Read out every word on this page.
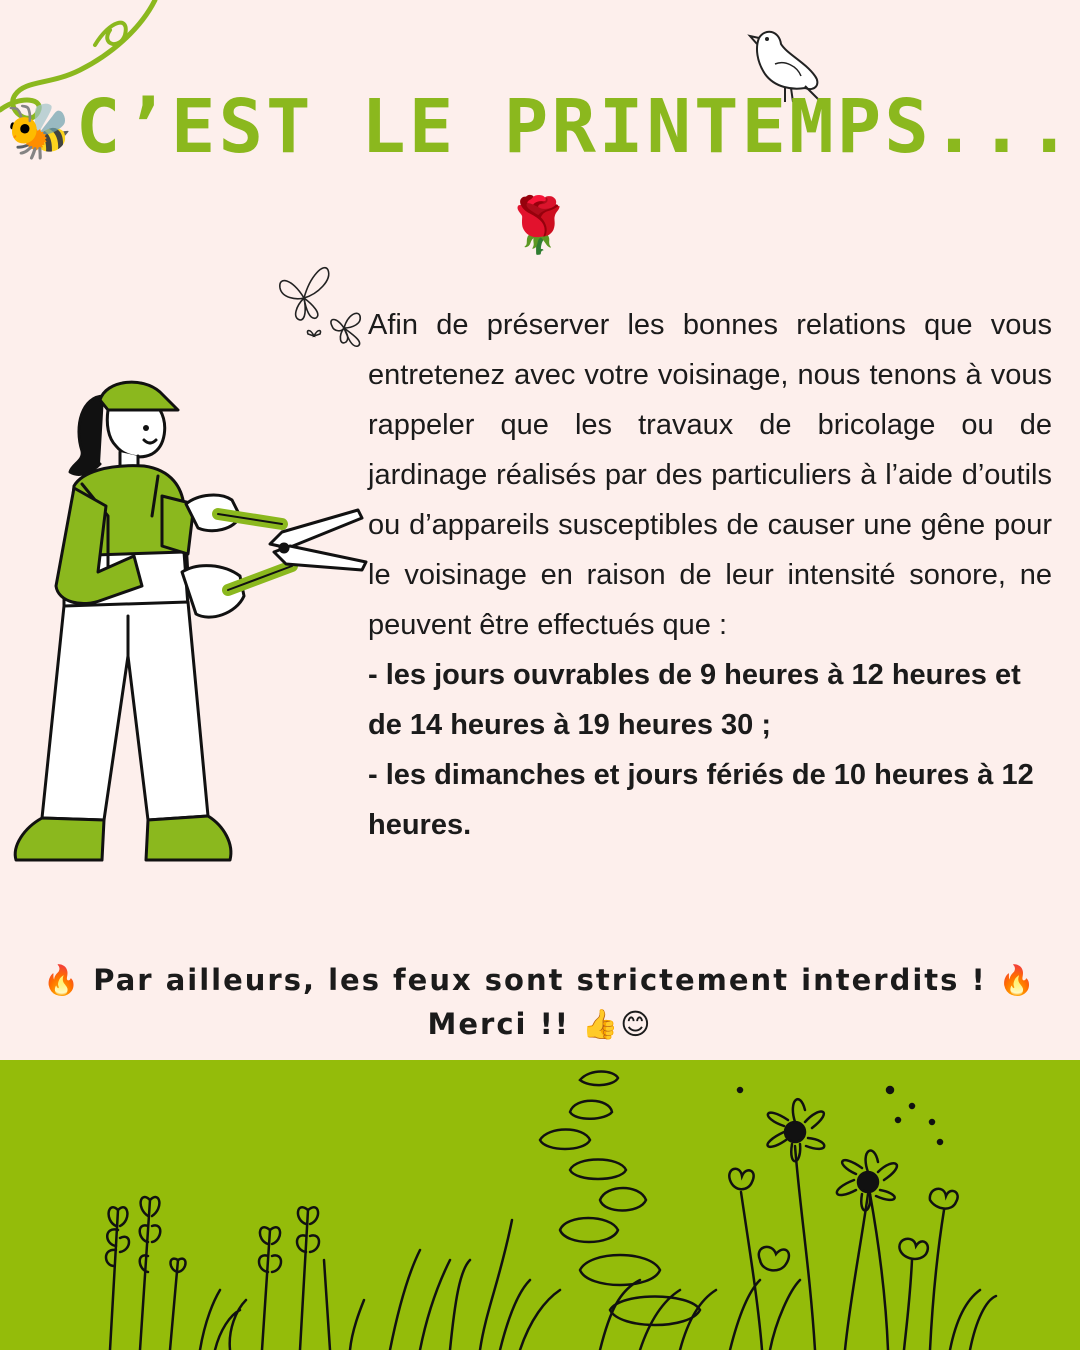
🐝C’EST LE PRINTEMPS...🌹
Afin de préserver les bonnes relations que vous entretenez avec votre voisinage, nous tenons à vous rappeler que les travaux de bricolage ou de jardinage réalisés par des particuliers à l’aide d’outils ou d’appareils susceptibles de causer une gêne pour le voisinage en raison de leur intensité sonore, ne peuvent être effectués que :
- les jours ouvrables de 9 heures à 12 heures et de 14 heures à 19 heures 30 ;
- les dimanches et jours fériés de 10 heures à 12 heures.
🔥 Par ailleurs, les feux sont strictement interdits ! 🔥
Merci !! 👍😊
